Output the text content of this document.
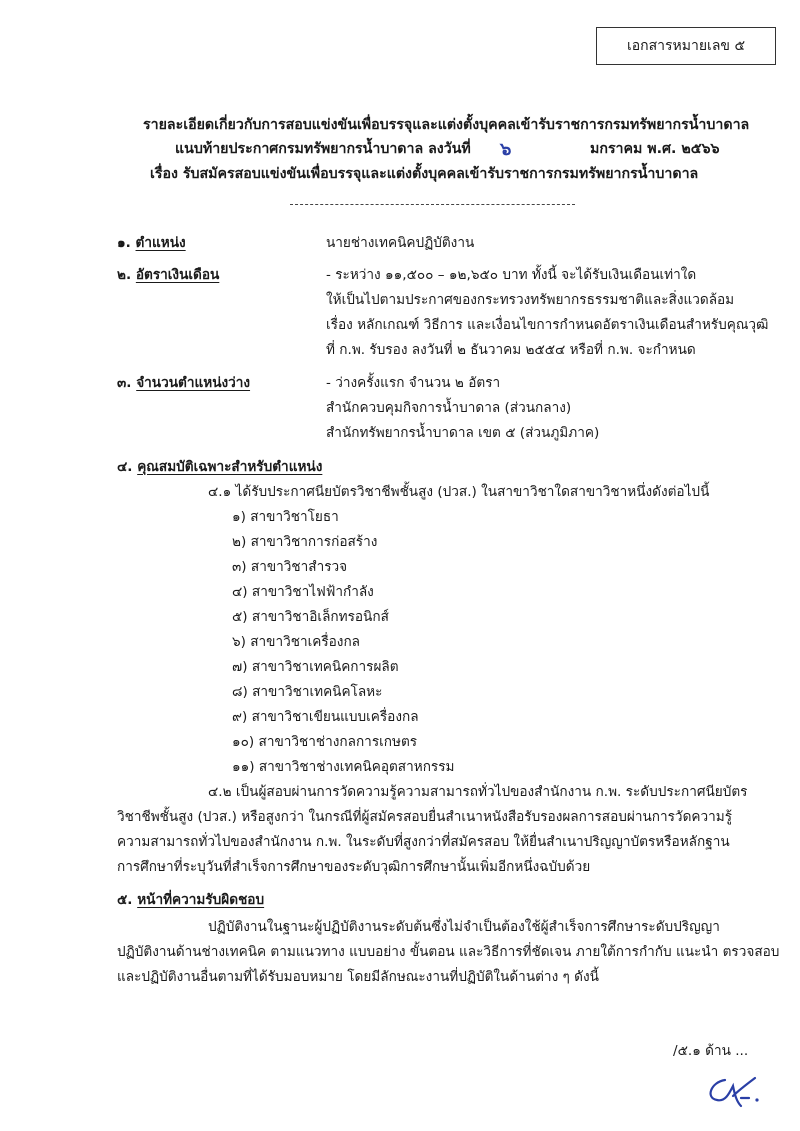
เอกสารหมายเลข ๕
รายละเอียดเกี่ยวกับการสอบแข่งขันเพื่อบรรจุและแต่งตั้งบุคคลเข้ารับราชการกรมทรัพยากรน้ำบาดาล
แนบท้ายประกาศกรมทรัพยากรน้ำบาดาล ลงวันที่ ๖	มกราคม พ.ศ. ๒๕๖๖
เรื่อง รับสมัครสอบแข่งขันเพื่อบรรจุและแต่งตั้งบุคคลเข้ารับราชการกรมทรัพยากรน้ำบาดาล
๑. ตำแหน่ง	นายช่างเทคนิคปฏิบัติงาน
๒. อัตราเงินเดือน	- ระหว่าง ๑๑,๕๐๐ – ๑๒,๖๕๐ บาท ทั้งนี้ จะได้รับเงินเดือนเท่าใด
ให้เป็นไปตามประกาศของกระทรวงทรัพยากรธรรมชาติและสิ่งแวดล้อม
เรื่อง หลักเกณฑ์ วิธีการ และเงื่อนไขการกำหนดอัตราเงินเดือนสำหรับคุณวุฒิ
ที่ ก.พ. รับรอง ลงวันที่ ๒ ธันวาคม ๒๕๕๔ หรือที่ ก.พ. จะกำหนด
๓. จำนวนตำแหน่งว่าง	- ว่างครั้งแรก จำนวน ๒ อัตรา
สำนักควบคุมกิจการน้ำบาดาล (ส่วนกลาง)
สำนักทรัพยากรน้ำบาดาล เขต ๕ (ส่วนภูมิภาค)
๔. คุณสมบัติเฉพาะสำหรับตำแหน่ง
๔.๑ ได้รับประกาศนียบัตรวิชาชีพชั้นสูง (ปวส.) ในสาขาวิชาใดสาขาวิชาหนึ่งดังต่อไปนี้
๑) สาขาวิชาโยธา
๒) สาขาวิชาการก่อสร้าง
๓) สาขาวิชาสำรวจ
๔) สาขาวิชาไฟฟ้ากำลัง
๕) สาขาวิชาอิเล็กทรอนิกส์
๖) สาขาวิชาเครื่องกล
๗) สาขาวิชาเทคนิคการผลิต
๘) สาขาวิชาเทคนิคโลหะ
๙) สาขาวิชาเขียนแบบเครื่องกล
๑๐) สาขาวิชาช่างกลการเกษตร
๑๑) สาขาวิชาช่างเทคนิคอุตสาหกรรม
๔.๒ เป็นผู้สอบผ่านการวัดความรู้ความสามารถทั่วไปของสำนักงาน ก.พ. ระดับประกาศนียบัตร
วิชาชีพชั้นสูง (ปวส.) หรือสูงกว่า ในกรณีที่ผู้สมัครสอบยื่นสำเนาหนังสือรับรองผลการสอบผ่านการวัดความรู้
ความสามารถทั่วไปของสำนักงาน ก.พ. ในระดับที่สูงกว่าที่สมัครสอบ ให้ยื่นสำเนาปริญญาบัตรหรือหลักฐาน
การศึกษาที่ระบุวันที่สำเร็จการศึกษาของระดับวุฒิการศึกษานั้นเพิ่มอีกหนึ่งฉบับด้วย
๕. หน้าที่ความรับผิดชอบ
ปฏิบัติงานในฐานะผู้ปฏิบัติงานระดับต้นซึ่งไม่จำเป็นต้องใช้ผู้สำเร็จการศึกษาระดับปริญญา
ปฏิบัติงานด้านช่างเทคนิค ตามแนวทาง แบบอย่าง ขั้นตอน และวิธีการที่ชัดเจน ภายใต้การกำกับ แนะนำ ตรวจสอบ
และปฏิบัติงานอื่นตามที่ได้รับมอบหมาย โดยมีลักษณะงานที่ปฏิบัติในด้านต่าง ๆ ดังนี้
/๕.๑ ด้าน ...
